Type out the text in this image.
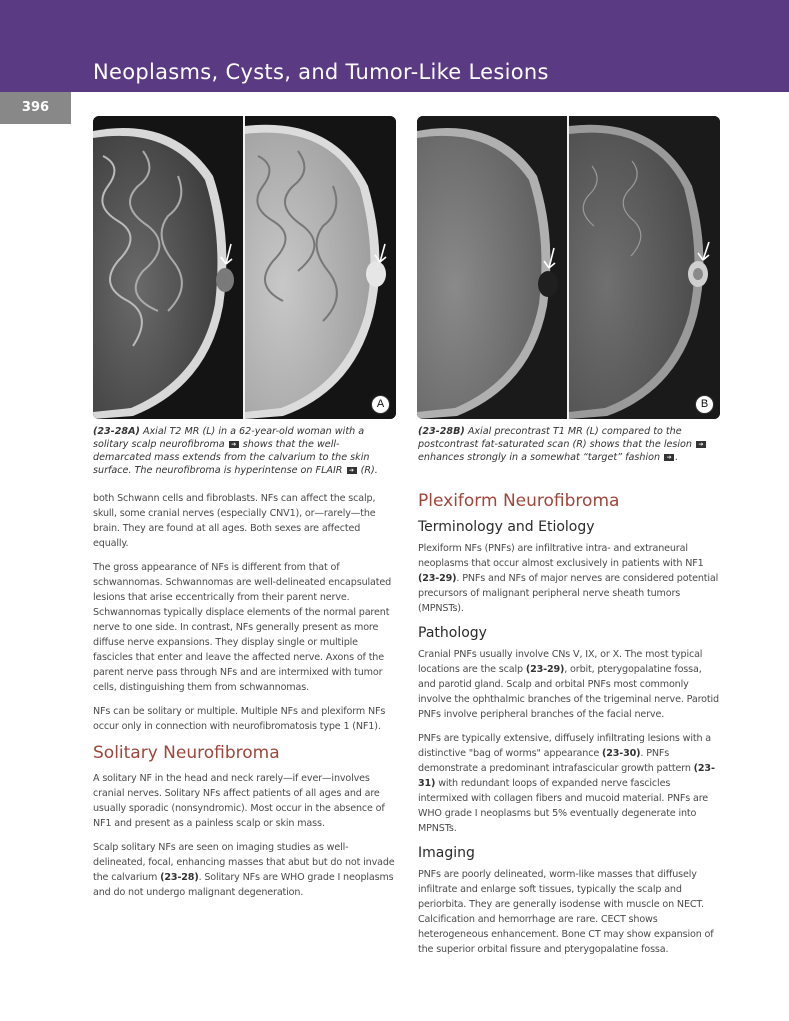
Neoplasms, Cysts, and Tumor-Like Lesions
396
A	B
(23-28A) Axial T2 MR (L) in a 62-year-old woman with a solitary scalp neurofibroma ➔ shows that the well-demarcated mass extends from the calvarium to the skin surface. The neurofibroma is hyperintense on FLAIR ➔ (R).
(23-28B) Axial precontrast T1 MR (L) compared to the postcontrast fat-saturated scan (R) shows that the lesion ➔ enhances strongly in a somewhat “target” fashion ➔ .

both Schwann cells and fibroblasts. NFs can affect the scalp, skull, some cranial nerves (especially CNV1), or—rarely—the brain. They are found at all ages. Both sexes are affected equally.

The gross appearance of NFs is different from that of schwannomas. Schwannomas are well-delineated encapsulated lesions that arise eccentrically from their parent nerve. Schwannomas typically displace elements of the normal parent nerve to one side. In contrast, NFs generally present as more diffuse nerve expansions. They display single or multiple fascicles that enter and leave the affected nerve. Axons of the parent nerve pass through NFs and are intermixed with tumor cells, distinguishing them from schwannomas.

NFs can be solitary or multiple. Multiple NFs and plexiform NFs occur only in connection with neurofibromatosis type 1 (NF1).

Solitary Neurofibroma

A solitary NF in the head and neck rarely—if ever—involves cranial nerves. Solitary NFs affect patients of all ages and are usually sporadic (nonsyndromic). Most occur in the absence of NF1 and present as a painless scalp or skin mass.

Scalp solitary NFs are seen on imaging studies as well-delineated, focal, enhancing masses that abut but do not invade the calvarium (23-28). Solitary NFs are WHO grade I neoplasms and do not undergo malignant degeneration.

Plexiform Neurofibroma
Terminology and Etiology

Plexiform NFs (PNFs) are infiltrative intra- and extraneural neoplasms that occur almost exclusively in patients with NF1 (23-29). PNFs and NFs of major nerves are considered potential precursors of malignant peripheral nerve sheath tumors (MPNSTs).

Pathology

Cranial PNFs usually involve CNs V, IX, or X. The most typical locations are the scalp (23-29), orbit, pterygopalatine fossa, and parotid gland. Scalp and orbital PNFs most commonly involve the ophthalmic branches of the trigeminal nerve. Parotid PNFs involve peripheral branches of the facial nerve.

PNFs are typically extensive, diffusely infiltrating lesions with a distinctive "bag of worms" appearance (23-30). PNFs demonstrate a predominant intrafascicular growth pattern (23-31) with redundant loops of expanded nerve fascicles intermixed with collagen fibers and mucoid material. PNFs are WHO grade I neoplasms but 5% eventually degenerate into MPNSTs.

Imaging

PNFs are poorly delineated, worm-like masses that diffusely infiltrate and enlarge soft tissues, typically the scalp and periorbita. They are generally isodense with muscle on NECT. Calcification and hemorrhage are rare. CECT shows heterogeneous enhancement. Bone CT may show expansion of the superior orbital fissure and pterygopalatine fossa.
